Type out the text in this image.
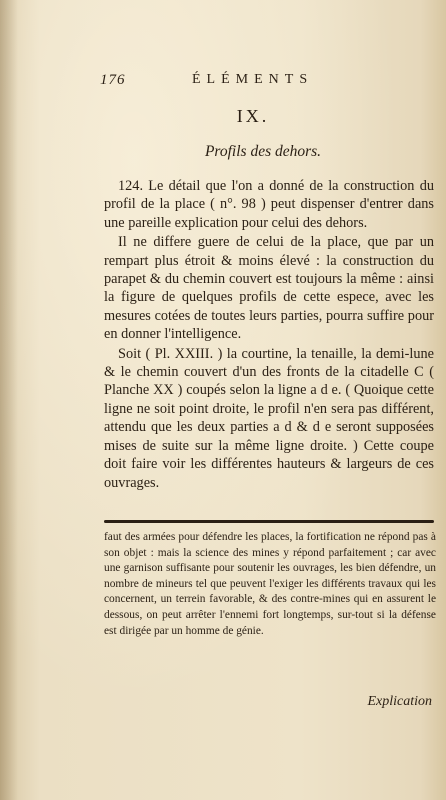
176	ÉLÉMENTS
IX.
Profils des dehors.

124. Le détail que l'on a donné de la construction du profil de la place ( n°. 98 ) peut dispenser d'entrer dans une pareille explication pour celui des dehors.

Il ne differe guere de celui de la place, que par un rempart plus étroit & moins élevé : la construction du parapet & du chemin couvert est toujours la même : ainsi la figure de quelques profils de cette espece, avec les mesures cotées de toutes leurs parties, pourra suffire pour en donner l'intelligence.

Soit ( Pl. XXIII. ) la courtine, la tenaille, la demi-lune & le chemin couvert d'un des fronts de la citadelle C ( Planche XX ) coupés selon la ligne a d e. ( Quoique cette ligne ne soit point droite, le profil n'en sera pas différent, attendu que les deux parties a d & d e seront supposées mises de suite sur la même ligne droite. ) Cette coupe doit faire voir les différentes hauteurs & largeurs de ces ouvrages.

faut des armées pour défendre les places, la fortification ne répond pas à son objet : mais la science des mines y répond parfaitement ; car avec une garnison suffisante pour soutenir les ouvrages, les bien défendre, un nombre de mineurs tel que peuvent l'exiger les différents travaux qui les concernent, un terrein favorable, & des contre-mines qui en assurent le dessous, on peut arrêter l'ennemi fort longtemps, sur-tout si la défense est dirigée par un homme de génie.

Explication
